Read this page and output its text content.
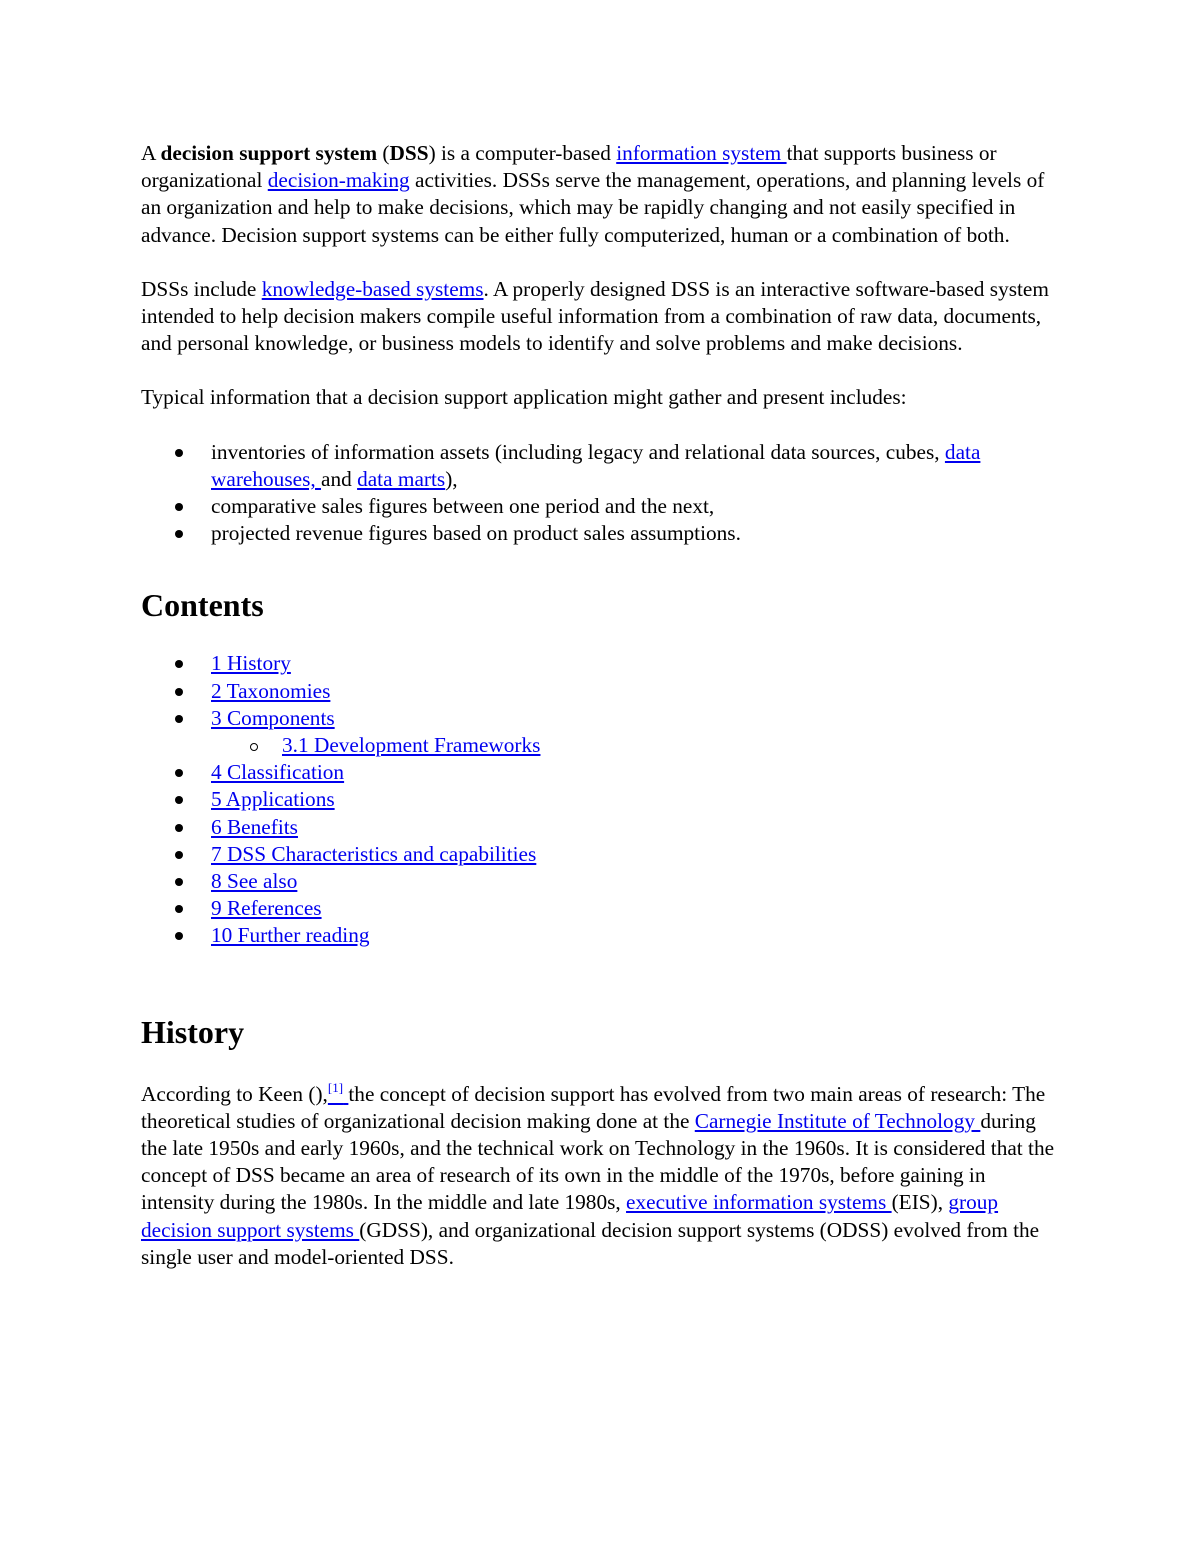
A decision support system (DSS) is a computer-based information system that supports business or organizational decision-making activities. DSSs serve the management, operations, and planning levels of an organization and help to make decisions, which may be rapidly changing and not easily specified in advance. Decision support systems can be either fully computerized, human or a combination of both.

DSSs include knowledge-based systems. A properly designed DSS is an interactive software-based system intended to help decision makers compile useful information from a combination of raw data, documents, and personal knowledge, or business models to identify and solve problems and make decisions.

Typical information that a decision support application might gather and present includes:

inventories of information assets (including legacy and relational data sources, cubes, data warehouses, and data marts),
comparative sales figures between one period and the next,
projected revenue figures based on product sales assumptions.
Contents
1 History
2 Taxonomies
3 Components
3.1 Development Frameworks
4 Classification
5 Applications
6 Benefits
7 DSS Characteristics and capabilities
8 See also
9 References
10 Further reading
History

According to Keen (),[1] the concept of decision support has evolved from two main areas of research: The theoretical studies of organizational decision making done at the Carnegie Institute of Technology during the late 1950s and early 1960s, and the technical work on Technology in the 1960s. It is considered that the concept of DSS became an area of research of its own in the middle of the 1970s, before gaining in intensity during the 1980s. In the middle and late 1980s, executive information systems (EIS), group decision support systems (GDSS), and organizational decision support systems (ODSS) evolved from the single user and model-oriented DSS.
